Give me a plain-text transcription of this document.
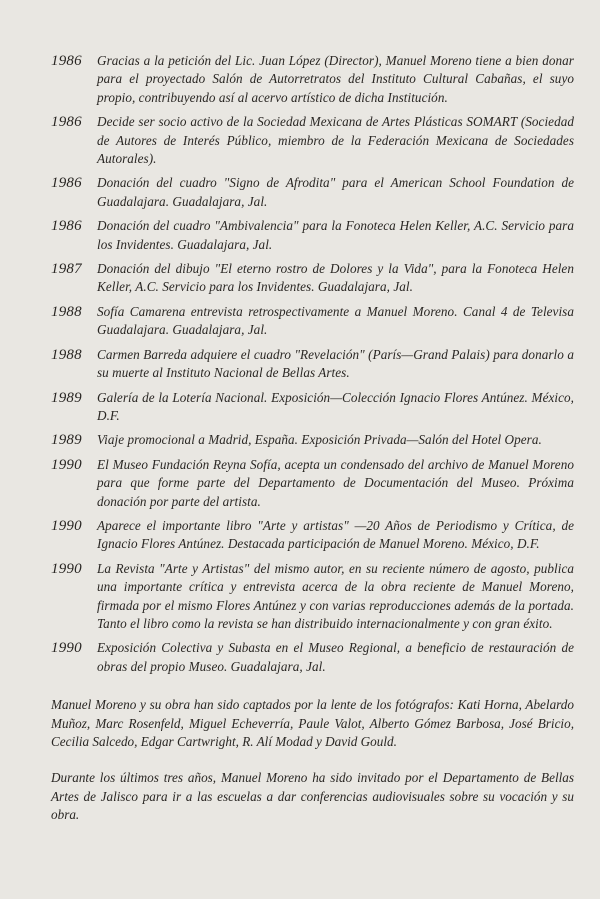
1986	Gracias a la petición del Lic. Juan López (Director), Manuel Moreno tiene a bien donar para el proyectado Salón de Autorretratos del Instituto Cultural Cabañas, el suyo propio, contribuyendo así al acervo artístico de dicha Institución.
1986	Decide ser socio activo de la Sociedad Mexicana de Artes Plásticas SOMART (Sociedad de Autores de Interés Público, miembro de la Federación Mexicana de Sociedades Autorales).
1986	Donación del cuadro "Signo de Afrodita" para el American School Foundation de Guadalajara. Guadalajara, Jal.
1986	Donación del cuadro "Ambivalencia" para la Fonoteca Helen Keller, A.C. Servicio para los Invidentes. Guadalajara, Jal.
1987	Donación del dibujo "El eterno rostro de Dolores y la Vida", para la Fonoteca Helen Keller, A.C. Servicio para los Invidentes. Guadalajara, Jal.
1988	Sofía Camarena entrevista retrospectivamente a Manuel Moreno. Canal 4 de Televisa Guadalajara. Guadalajara, Jal.
1988	Carmen Barreda adquiere el cuadro "Revelación" (París—Grand Palais) para donarlo a su muerte al Instituto Nacional de Bellas Artes.
1989	Galería de la Lotería Nacional. Exposición—Colección Ignacio Flores Antúnez. México, D.F.
1989	Viaje promocional a Madrid, España. Exposición Privada—Salón del Hotel Opera.
1990	El Museo Fundación Reyna Sofía, acepta un condensado del archivo de Manuel Moreno para que forme parte del Departamento de Documentación del Museo. Próxima donación por parte del artista.
1990	Aparece el importante libro "Arte y artistas" —20 Años de Periodismo y Crítica, de Ignacio Flores Antúnez. Destacada participación de Manuel Moreno. México, D.F.
1990	La Revista "Arte y Artistas" del mismo autor, en su reciente número de agosto, publica una importante crítica y entrevista acerca de la obra reciente de Manuel Moreno, firmada por el mismo Flores Antúnez y con varias reproducciones además de la portada. Tanto el libro como la revista se han distribuido internacionalmente y con gran éxito.
1990	Exposición Colectiva y Subasta en el Museo Regional, a beneficio de restauración de obras del propio Museo. Guadalajara, Jal.

Manuel Moreno y su obra han sido captados por la lente de los fotógrafos: Kati Horna, Abelardo Muñoz, Marc Rosenfeld, Miguel Echeverría, Paule Valot, Alberto Gómez Barbosa, José Bricio, Cecilia Salcedo, Edgar Cartwright, R. Alí Modad y David Gould.

Durante los últimos tres años, Manuel Moreno ha sido invitado por el Departamento de Bellas Artes de Jalisco para ir a las escuelas a dar conferencias audiovisuales sobre su vocación y su obra.
